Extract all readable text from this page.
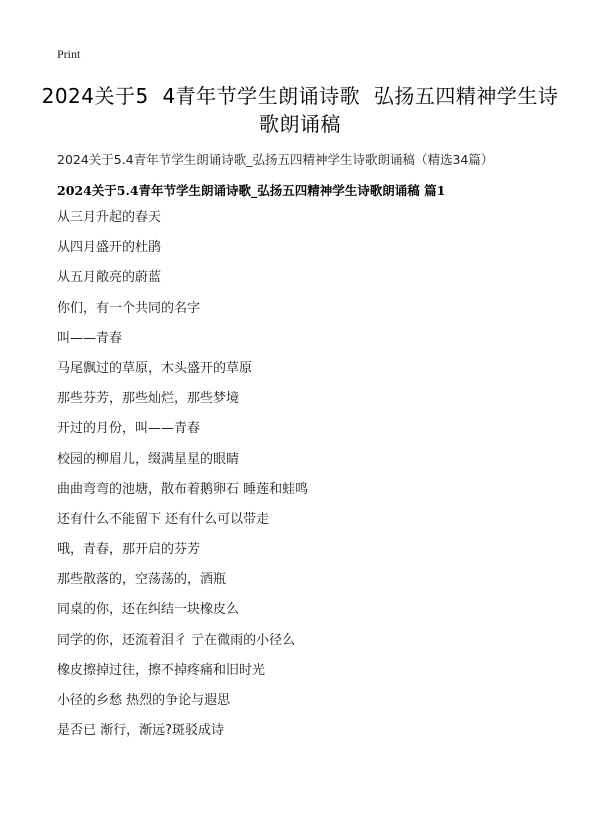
Print
2024关于5  4青年节学生朗诵诗歌  弘扬五四精神学生诗
歌朗诵稿
2024关于5.4青年节学生朗诵诗歌_弘扬五四精神学生诗歌朗诵稿（精选34篇）
2024关于5.4青年节学生朗诵诗歌_弘扬五四精神学生诗歌朗诵稿 篇1
从三月升起的春天
从四月盛开的杜鹃
从五月敞亮的蔚蓝
你们，有一个共同的名字
叫——青春
马尾飘过的草原，木头盛开的草原
那些芬芳，那些灿烂，那些梦境
开过的月份，叫——青春
校园的柳眉儿，缀满星星的眼睛
曲曲弯弯的池塘，散布着鹅卵石 睡莲和蛙鸣
还有什么不能留下 还有什么可以带走
哦，青春，那开启的芬芳
那些散落的，空荡荡的，酒瓶
同桌的你，还在纠结一块橡皮么
同学的你，还流着泪彳 亍在微雨的小径么
橡皮擦掉过往，擦不掉疼痛和旧时光
小径的乡愁 热烈的争论与遐思
是否已 渐行，渐远?斑驳成诗
